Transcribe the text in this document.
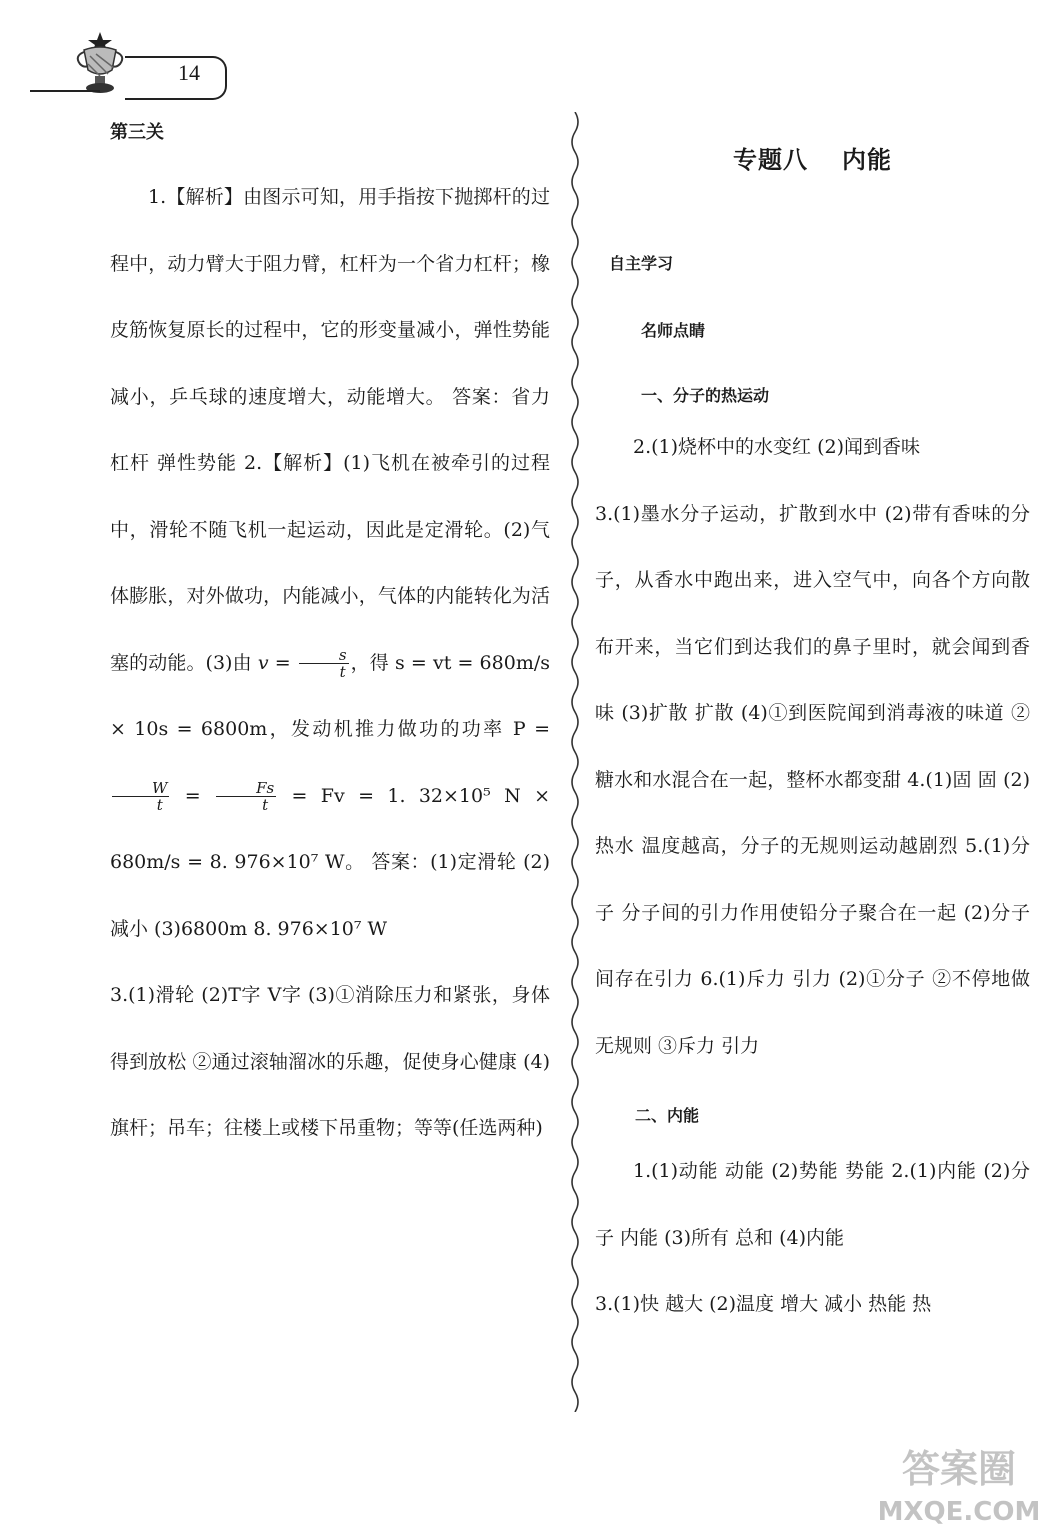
14
第三关

1.【解析】由图示可知，用手指按下抛掷杆的过程中，动力臂大于阻力臂，杠杆为一个省力杠杆；橡皮筋恢复原长的过程中，它的形变量减小，弹性势能减小，乒乓球的速度增大，动能增大。 答案：省力杠杆 弹性势能 2.【解析】(1)飞机在被牵引的过程中，滑轮不随飞机一起运动，因此是定滑轮。(2)气体膨胀，对外做功，内能减小，气体的内能转化为活塞的动能。(3)由 $v = \frac{s}{t}$ ，得 s = vt = 680m/s × 10s = 6800m，发动机推力做功的功率 P =
$\frac{W}{t} = \frac{Fs}{t} = Fv = 1$. 32×10⁵ N × 680m/s = 8. 976×10⁷ W。 答案：(1)定滑轮 (2)减小 (3)6800m 8. 976×10⁷ W

3.(1)滑轮 (2)T字 V字 (3)①消除压力和紧张，身体得到放松 ②通过滚轴溜冰的乐趣，促使身心健康 (4)旗杆；吊车；往楼上或楼下吊重物；等等(任选两种)

专题八 内能
自主学习
名师点睛
一、分子的热运动

2.(1)烧杯中的水变红 (2)闻到香味

3.(1)墨水分子运动，扩散到水中 (2)带有香味的分子，从香水中跑出来，进入空气中，向各个方向散布开来，当它们到达我们的鼻子里时，就会闻到香味 (3)扩散 扩散 (4)①到医院闻到消毒液的味道 ②糖水和水混合在一起，整杯水都变甜 4.(1)固 固 (2)热水 温度越高，分子的无规则运动越剧烈 5.(1)分子 分子间的引力作用使铅分子聚合在一起 (2)分子间存在引力 6.(1)斥力 引力 (2)①分子 ②不停地做无规则 ③斥力 引力

二、内能

1.(1)动能 动能 (2)势能 势能 2.(1)内能 (2)分子 内能 (3)所有 总和 (4)内能

3.(1)快 越大 (2)温度 增大 减小 热能 热

答案圈
MXQE.COM
